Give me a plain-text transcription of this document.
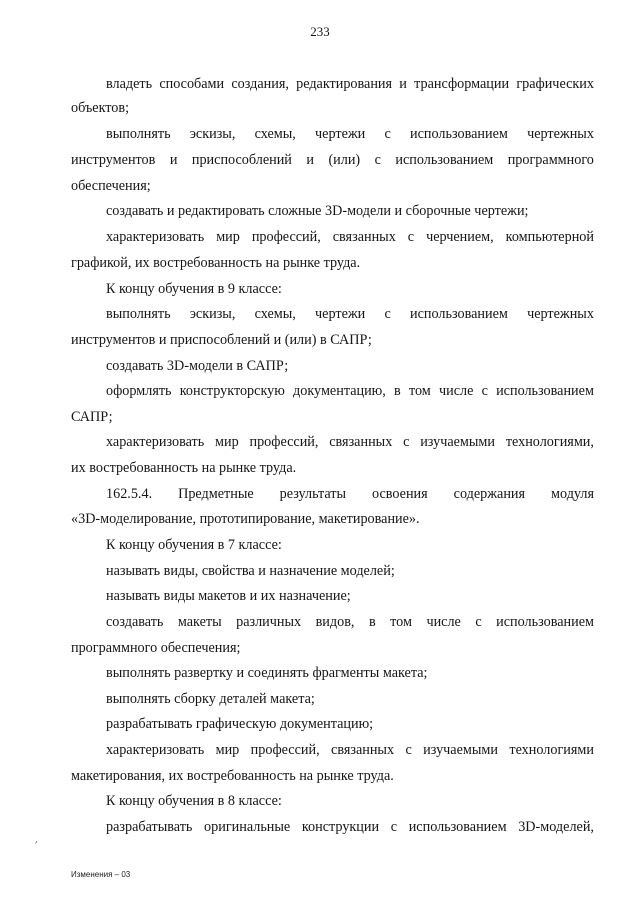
233
владеть способами создания, редактирования и трансформации графических
объектов;
выполнять эскизы, схемы, чертежи с использованием чертежных
инструментов и приспособлений и (или) с использованием программного
обеспечения;
создавать и редактировать сложные 3D-модели и сборочные чертежи;
характеризовать мир профессий, связанных с черчением, компьютерной
графикой, их востребованность на рынке труда.
К концу обучения в 9 классе:
выполнять эскизы, схемы, чертежи с использованием чертежных
инструментов и приспособлений и (или) в САПР;
создавать 3D-модели в САПР;
оформлять конструкторскую документацию, в том числе с использованием
САПР;
характеризовать мир профессий, связанных с изучаемыми технологиями,
их востребованность на рынке труда.
162.5.4. Предметные результаты освоения содержания модуля
«3D-моделирование, прототипирование, макетирование».
К концу обучения в 7 классе:
называть виды, свойства и назначение моделей;
называть виды макетов и их назначение;
создавать макеты различных видов, в том числе с использованием
программного обеспечения;
выполнять развертку и соединять фрагменты макета;
выполнять сборку деталей макета;
разрабатывать графическую документацию;
характеризовать мир профессий, связанных с изучаемыми технологиями
макетирования, их востребованность на рынке труда.
К концу обучения в 8 классе:
разрабатывать оригинальные конструкции с использованием 3D-моделей,
׳
Изменения – 03
